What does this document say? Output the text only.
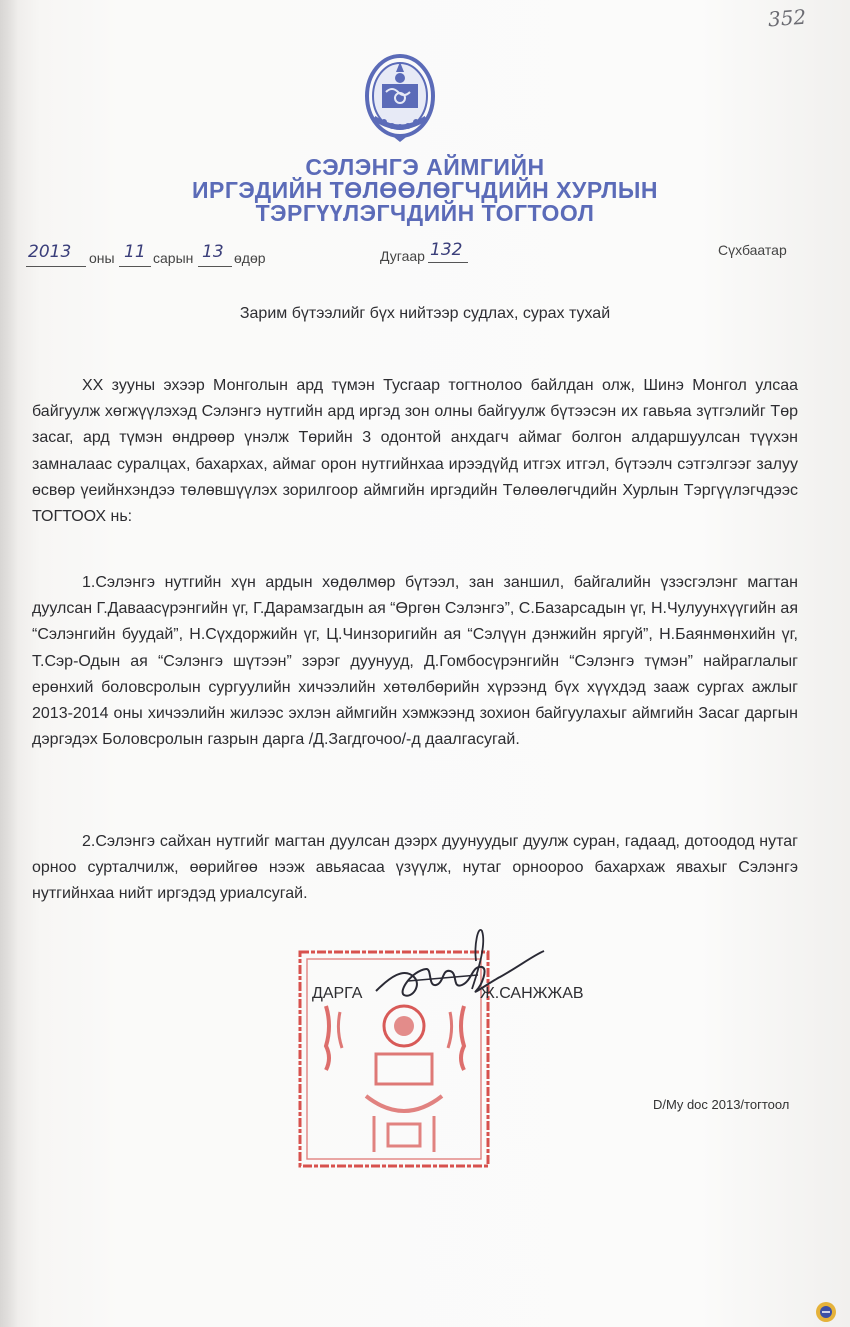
352
СЭЛЭНГЭ АЙМГИЙН
ИРГЭДИЙН ТӨЛӨӨЛӨГЧДИЙН ХУРЛЫН
ТЭРГҮҮЛЭГЧДИЙН ТОГТООЛ
2013 оны 11 сарын 13 өдөр	Дугаар 132	Сүхбаатар
Зарим бүтээлийг бүх нийтээр судлах, сурах тухай
XX зууны эхээр Монголын ард түмэн Тусгаар тогтнолоо байлдан олж, Шинэ Монгол улсаа байгуулж хөгжүүлэхэд Сэлэнгэ нутгийн ард иргэд зон олны байгуулж бүтээсэн их гавьяа зүтгэлийг Төр засаг, ард түмэн өндрөөр үнэлж Төрийн 3 одонтой анхдагч аймаг болгон алдаршуулсан түүхэн замналаас суралцах, бахархах, аймаг орон нутгийнхаа ирээдүйд итгэх итгэл, бүтээлч сэтгэлгээг залуу өсвөр үеийнхэндээ төлөвшүүлэх зорилгоор аймгийн иргэдийн Төлөөлөгчдийн Хурлын Тэргүүлэгчдээс ТОГТООХ нь:
1.Сэлэнгэ нутгийн хүн ардын хөдөлмөр бүтээл, зан заншил, байгалийн үзэсгэлэнг магтан дуулсан Г.Даваасүрэнгийн үг, Г.Дарамзагдын ая “Өргөн Сэлэнгэ”, С.Базарсадын үг, Н.Чулуунхүүгийн ая “Сэлэнгийн буудай”, Н.Сүхдоржийн үг, Ц.Чинзоригийн ая “Сэлүүн дэнжийн яргуй”, Н.Баянмөнхийн үг, Т.Сэр-Одын ая “Сэлэнгэ шүтээн” зэрэг дуунууд, Д.Гомбосүрэнгийн “Сэлэнгэ түмэн” найраглалыг ерөнхий боловсролын сургуулийн хичээлийн хөтөлбөрийн хүрээнд бүх хүүхдэд зааж сургах ажлыг 2013-2014 оны хичээлийн жилээс эхлэн аймгийн хэмжээнд зохион байгуулахыг аймгийн Засаг даргын дэргэдэх Боловсролын газрын дарга /Д.Загдгочоо/-д даалгасугай.
2.Сэлэнгэ сайхан нутгийг магтан дуулсан дээрх дуунуудыг дуулж суран, гадаад, дотоодод нутаг орноо сурталчилж, өөрийгөө нээж авьяасаа үзүүлж, нутаг орноороо бахархаж явахыг Сэлэнгэ нутгийнхаа нийт иргэдэд уриалсугай.
ДАРГА	Ж.САНЖЖАВ
D/My doc 2013/тогтоол
